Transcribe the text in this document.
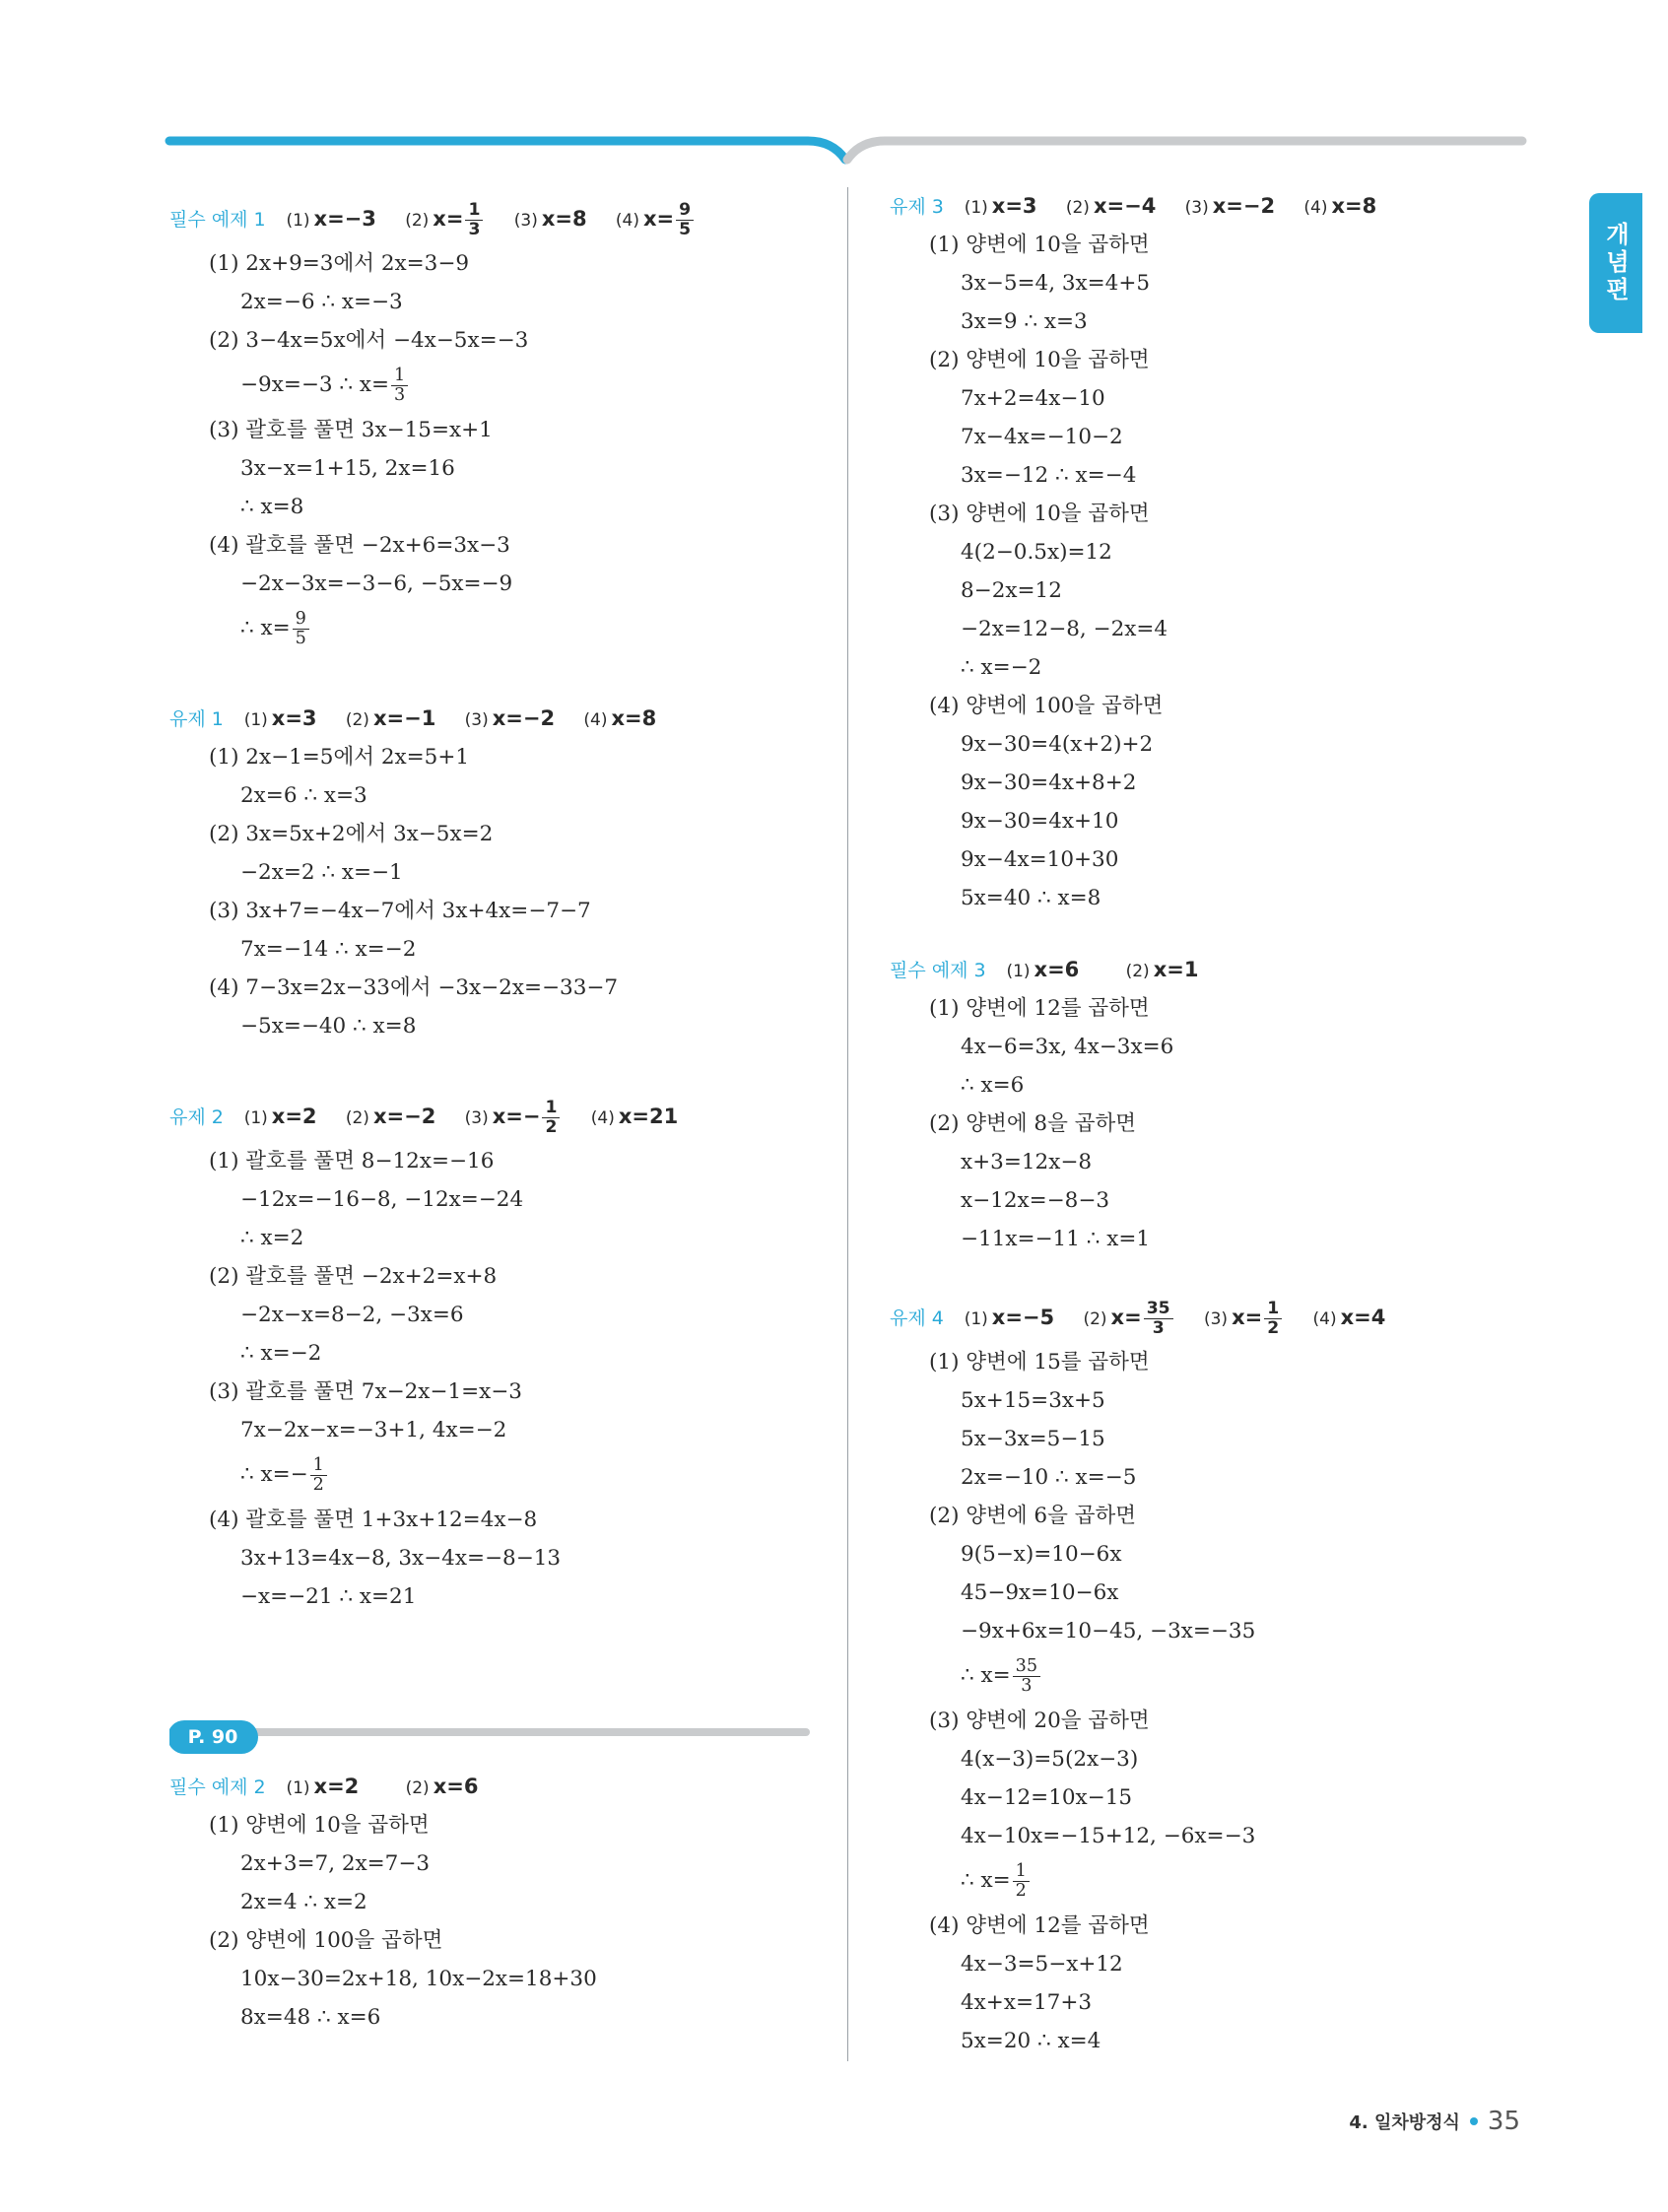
개념편
필수 예제 1 (1) x=−3 (2) $x= \frac{1}{3} (3)$ x=8 (4) $x= \frac{9}{5}$
(1) 2x+9=3에서 2x=3−9
2x=−6 ∴ x=−3
(2) 3−4x=5x에서 −4x−5x=−3
−9x=−3 ∴ $x= \frac{1}{3}$
(3) 괄호를 풀면 3x−15=x+1
3x−x=1+15, 2x=16
∴ x=8
(4) 괄호를 풀면 −2x+6=3x−3
−2x−3x=−3−6, −5x=−9
∴ $x= \frac{9}{5}$
유제 1 (1) x=3 (2) x=−1 (3) x=−2 (4) x=8
(1) 2x−1=5에서 2x=5+1
2x=6 ∴ x=3
(2) 3x=5x+2에서 3x−5x=2
−2x=2 ∴ x=−1
(3) 3x+7=−4x−7에서 3x+4x=−7−7
7x=−14 ∴ x=−2
(4) 7−3x=2x−33에서 −3x−2x=−33−7
−5x=−40 ∴ x=8
유제 2 (1) x=2 (2) x=−2 (3) $x=- \frac{1}{2} (4)$ x=21
(1) 괄호를 풀면 8−12x=−16
−12x=−16−8, −12x=−24
∴ x=2
(2) 괄호를 풀면 −2x+2=x+8
−2x−x=8−2, −3x=6
∴ x=−2
(3) 괄호를 풀면 7x−2x−1=x−3
7x−2x−x=−3+1, 4x=−2
∴ $x=- \frac{1}{2}$
(4) 괄호를 풀면 1+3x+12=4x−8
3x+13=4x−8, 3x−4x=−8−13
−x=−21 ∴ x=21
P. 90
필수 예제 2 (1) x=2	(2) x=6
(1) 양변에 10을 곱하면
2x+3=7, 2x=7−3
2x=4 ∴ x=2
(2) 양변에 100을 곱하면
10x−30=2x+18, 10x−2x=18+30
8x=48 ∴ x=6
유제 3 (1) x=3 (2) x=−4 (3) x=−2 (4) x=8
(1) 양변에 10을 곱하면
3x−5=4, 3x=4+5
3x=9 ∴ x=3
(2) 양변에 10을 곱하면
7x+2=4x−10
7x−4x=−10−2
3x=−12 ∴ x=−4
(3) 양변에 10을 곱하면
4(2−0.5x)=12
8−2x=12
−2x=12−8, −2x=4
∴ x=−2
(4) 양변에 100을 곱하면
9x−30=4(x+2)+2
9x−30=4x+8+2
9x−30=4x+10
9x−4x=10+30
5x=40 ∴ x=8
필수 예제 3 (1) x=6	(2) x=1
(1) 양변에 12를 곱하면
4x−6=3x, 4x−3x=6
∴ x=6
(2) 양변에 8을 곱하면
x+3=12x−8
x−12x=−8−3
−11x=−11 ∴ x=1
유제 4 (1) x=−5 (2) $x= \frac{35}{3} (3)$ $x= \frac{1}{2} (4)$ x=4
(1) 양변에 15를 곱하면
5x+15=3x+5
5x−3x=5−15
2x=−10 ∴ x=−5
(2) 양변에 6을 곱하면
9(5−x)=10−6x
45−9x=10−6x
−9x+6x=10−45, −3x=−35
∴ $x= \frac{35}{3}$
(3) 양변에 20을 곱하면
4(x−3)=5(2x−3)
4x−12=10x−15
4x−10x=−15+12, −6x=−3
∴ $x= \frac{1}{2}$
(4) 양변에 12를 곱하면
4x−3=5−x+12
4x+x=17+3
5x=20 ∴ x=4
4. 일차방정식 35
